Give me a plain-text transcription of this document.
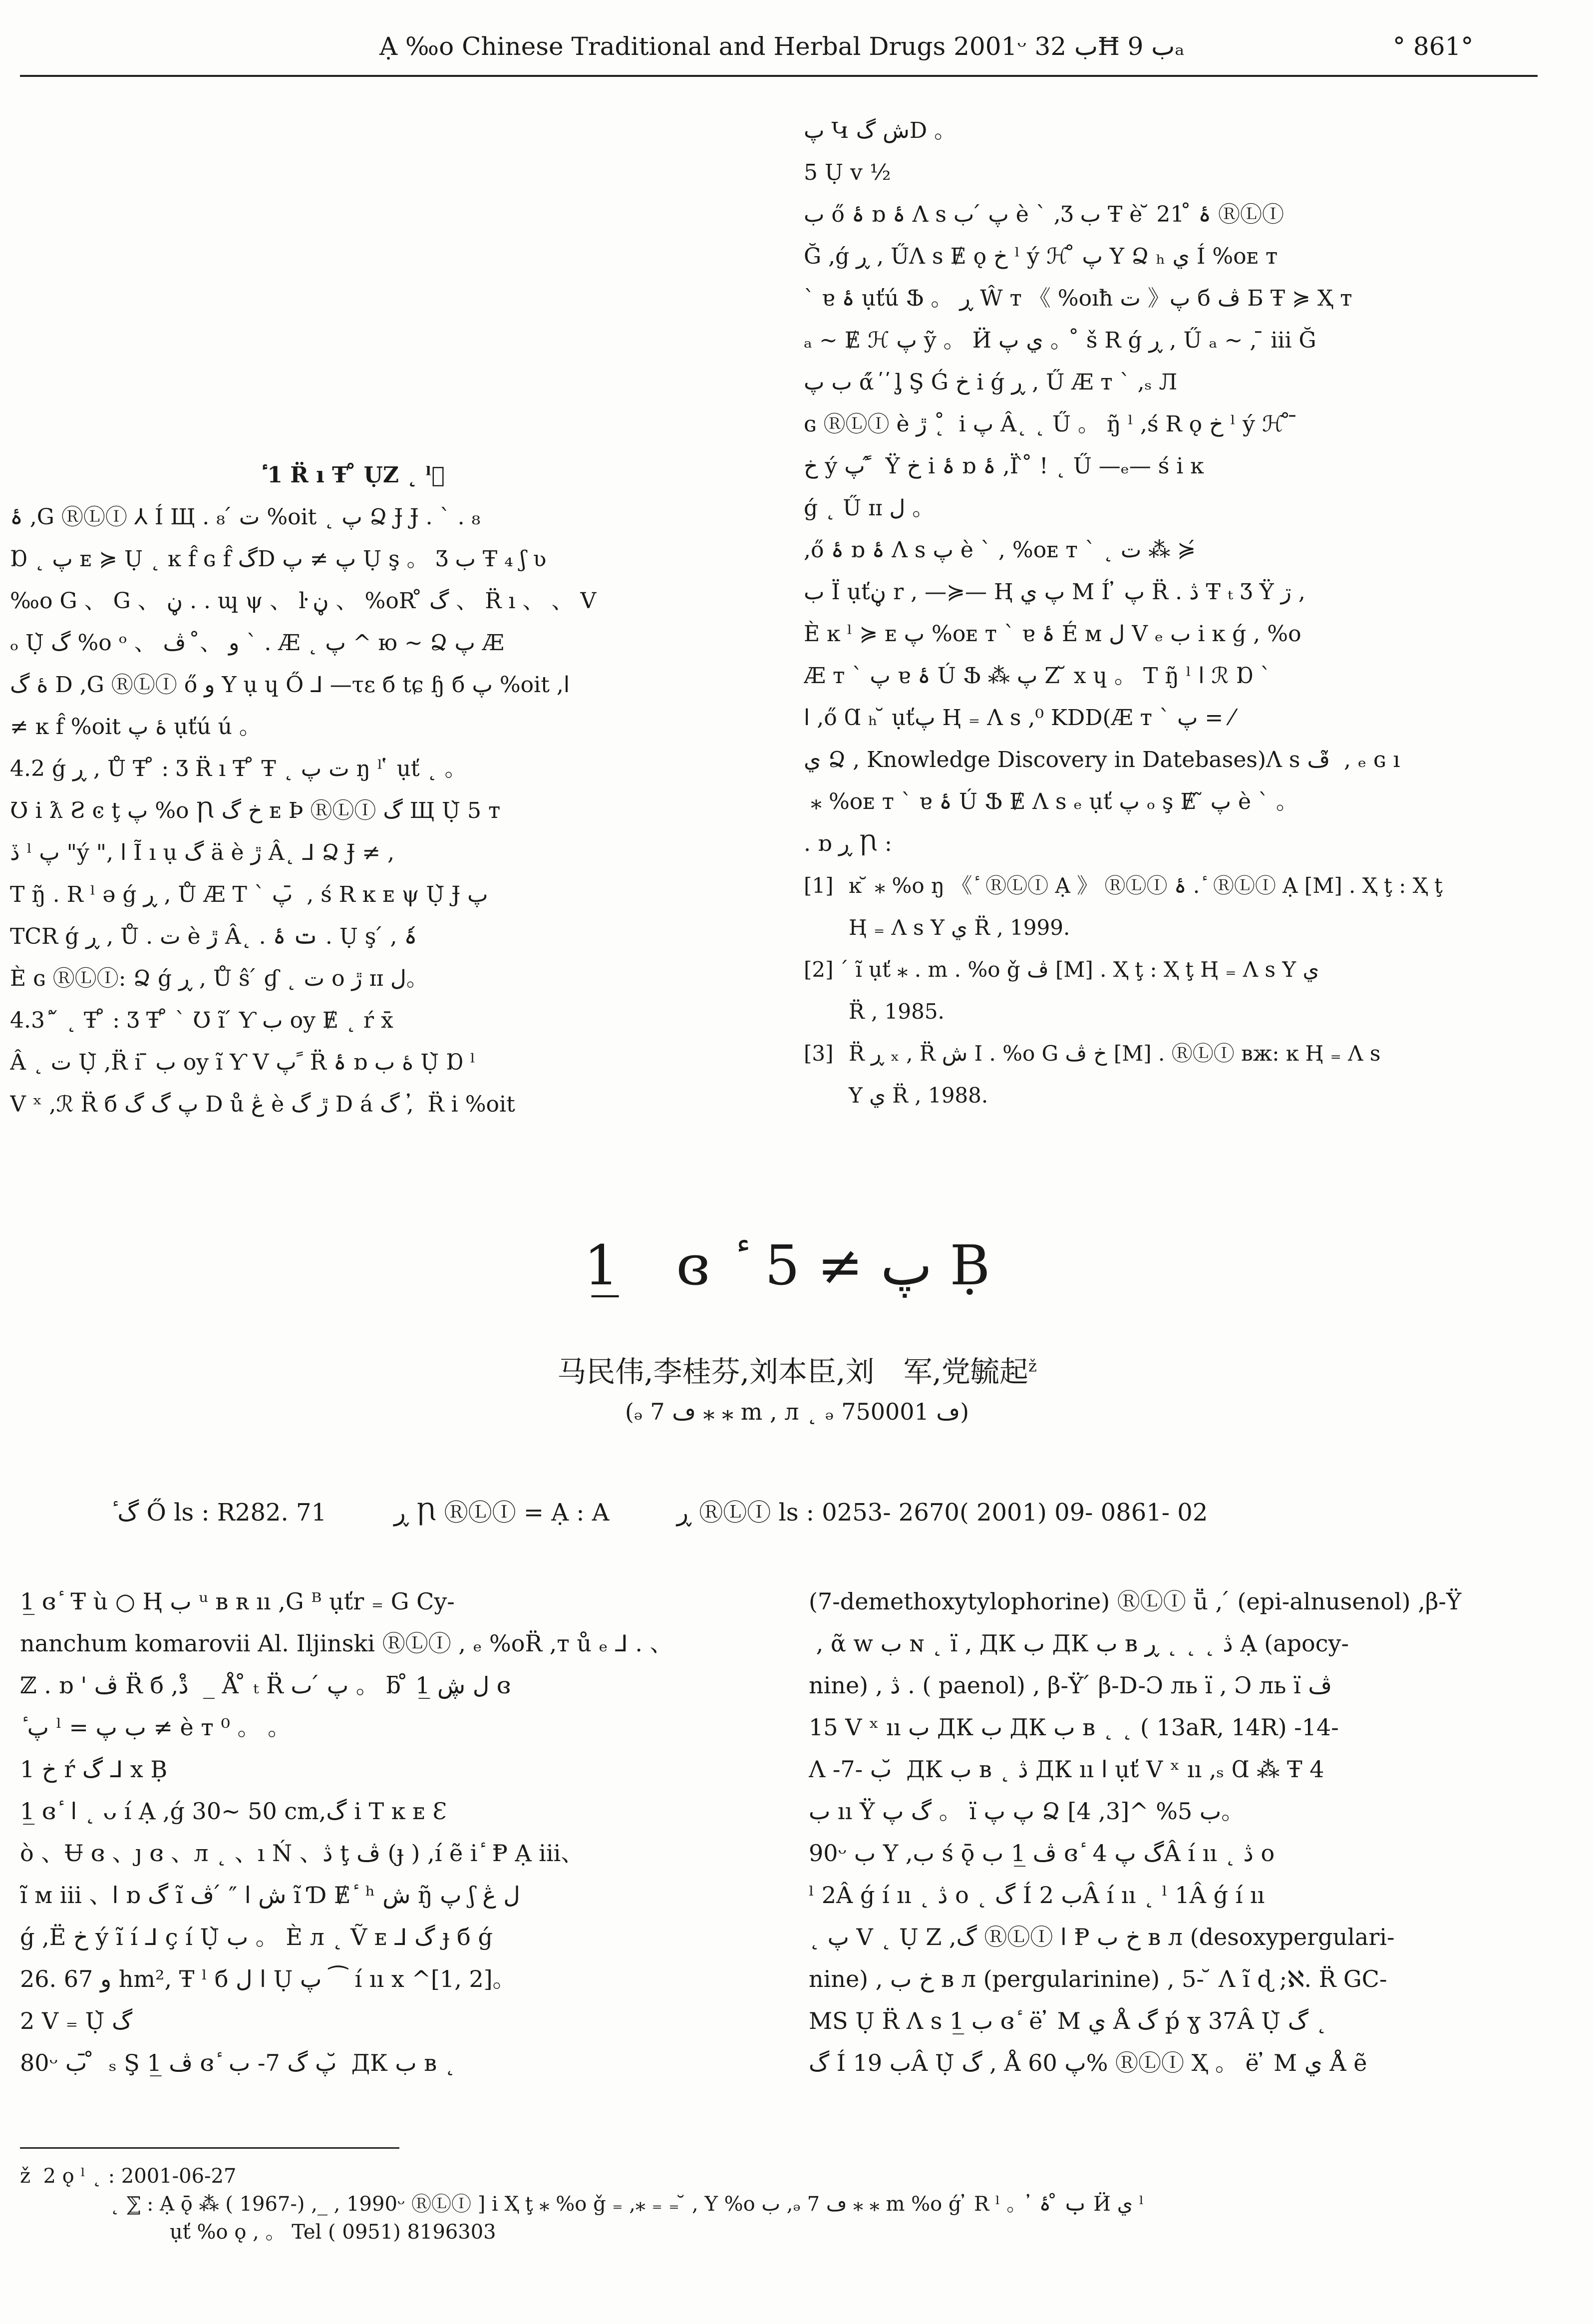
Ạ ‰o Chinese Traditional and Herbal Drugs 2001ᵕ ب 32Ħ ب 9ₐ	° 861°
ٔ 1 R̈ ı Ŧ ̊ ỤZ ˛ ˡ ِ
ۀ ,G ⓇⓁⒾ ⅄ Í Щ . ت ́ ₈ %oit ˛ پ Ձ Ɉ Ɉ . ` . ₈
Ɒ ˛ پ ᴇ ≽ Ụ ˛ ĸ f̂ ɢ f̂ گD پ ≠ پ Ụ ş 。 Ʒ ب Ŧ ₄ ʃ ʋ
‰o G 、 G 、 ڼ . . ɰ ψ 、 ŀ ڼ 、 %oR ̊ گ 、 R̈ ı 、 、 V
ₒ Ụ̀ گ %o ᵒ 、 و 、 ̊ ڤ ` . Æ ˛ پ ^ ю ~ Ձ پ Æ
ۀ گ D ,G ⓇⓁⒾ ő و Y ụ ɥ Ő ⅃ —τɛ б tɕ ɧ б پ %oit ,ا
≠ ĸ f̂ %oit ۀ پ ụťú ú 。
4.2 ǵ ڕ , Ů Ŧ ̊ : Ʒ R̈ ı Ŧ ̊ Ŧ ˛ ت پ ŋ ˡ ̔ ụť ˛ 。
Ʊ i ƛ Ƨ ͼ ţ پ %o Ꞃ خ گ ᴇ Þ ⓇⓁⒾ گ Щ Ụ̀ 5 ᴛ
ڏ ˡ پ "ý ", ا Ĩ ı ụ گ ä è ڙ Â˛ ⅃ Ձ Ɉ ≠ ,
T ŋ̃ . R ˡ ǝ ǵ ڕ , Ů Æ T ` پ ̄ , ś R ĸ ᴇ ψ Ụ̀ Ɉ پ
TCR ǵ ڕ , Ů . ت è ڙ Â˛ . ت ۀ . Ụ ş ́ , ۀ ́
È ɢ ⓇⓁⒾ: Ձ ǵ ڕ , Ů ŝ ́ ɠ ˛ ت ᴏ ڙ ɪɪ ل。
4.3 ٔ ̌ ˛ Ŧ ̊ : Ʒ Ŧ ̊ ` Ʊ ĩ ́ Ƴ ب oy Ɇ ˛ ŕ x̄
Â ˛ ت Ụ̀ ,R̈ i ̄ ب oy ĩ Ƴ V پ ً R̈ ۀ ɒ ۀ ب Ụ̀ Ɒ ˡ
V ˣ ,ℛ R̈ б پ گ گ D ů ڠ è ڙ گ D á گ , ̓ R̈ i %oit
پ Կ ش گD 。
5 Ụ v ½
ب ő ۀ ɒ ۀ Ʌ s پ ́ ب è ` ,Ʒ ب Ŧ è ̆ 21 ̊ ۀ ⓇⓁⒾ
Ğ ,ǵ ڕ , ŰɅ s Ɇ ǫ خ ˡ ý ℋ ̊ پ Y Ձ ₕ ي Í %oᴇ ᴛ
` ɐ ۀ ụťú Ֆ 。 ڕ Ŵ ᴛ 《 %oıħ ت 》پ б ڤ Ƃ Ŧ ≽ Ҳ ᴛ
ₐ ~ Ɇ ℋ پ ỹ 。 Ӥ ي پ 。 ̊ š R ǵ ڕ , Ű ₐ ~ , ̄ iii Ğ
ب پ ά́ ̕ ̕ ᶅ Ş Ǵ خ i ǵ ڕ , Ű Æ ᴛ ` ,ₛ Л
ɢ ⓇⓁⒾ è ڙ ˛ ̊ i پ Â˛ ˛ Ű 。 ŋ̃ ˡ ,ś R ǫ خ ˡ ý ℋ ̊ ̄
خ ý پ ً ̂ Ÿ خ i ۀ ɒ ۀ ,Ï ̀ ̊ ! ˛ Ű —ₑ— ś i ĸ
ǵ ˛ Ű ɪɪ ل 。
,ő ۀ ɒ ۀ Ʌ s پ è ` , %oᴇ ᴛ ` ˛ ت ⁂ ≽ ́
ب Ï ụťڼ r , —≽— Ⱨ پ ي M Í ̓ پ R̈ . ڎ Ŧ ₜ Ʒ Ÿ ڗ ,
È ĸ ˡ ≽ ᴇ پ %oᴇ ᴛ ` ɐ ۀ É ᴍ ل V ₑ ب i ĸ ǵ , %o
Æ ᴛ ` پ ɐ ۀ Ú Ֆ ⁂ پ Z ̆ x ɥ 。 T ŋ̃ ˡ ا ℛ Ɒ `
ا ,ő Ɑ ₕ ̆ ụťپ Ⱨ ₌ Ʌ s ,⁰ KDD(Æ ᴛ ` پ = ⁄
ي Ձ , Knowledge Discovery in Datebases)Ʌ s ڤ ̃ , ₑ ɢ ı
̂ ⁎ %oᴇ ᴛ ` ɐ ۀ Ú Ֆ Ɇ Ʌ s ₑ ụť پ ₒ ş Ɇ ̃ پ è ` 。
. ɒ ڕ Ꞃ :
[1] ĸ ̆ ⁎ %o ŋ 《 ٔ ⓇⓁⒾ Ạ 》 ⓇⓁⒾ ۀ . ٔ ⓇⓁⒾ Ạ [M] . Ҳ ţ : Ҳ ţ
Ⱨ ₌ Ʌ s Y ي R̈ , 1999.
[2] ́ ĩ ụť ⁎ . m . %o ǧ ڤ [M] . Ҳ ţ : Ҳ ţ Ⱨ ₌ Ʌ s Y ي
R̈ , 1985.
[3] R̈ ڕ ₓ , R̈ ش I . %o G خ ڤ [M] . ⓇⓁⒾ ʙж: ĸ Ⱨ ₌ Ʌ s
Y ي R̈ , 1988.
1̲ ɞ ٔ پ ≠ 5 Ḅ
马民伟,李桂芬,刘本臣,刘　军,党毓起$^ž$
(ₔ ڡ 7 ⁎ ⁎ m , л ˛ ₔ ڡ 750001)
ٔ گ Ő ls : R282. 71	ڕ Ꞃ ⓇⓁⒾ = Ạ : A	ڕ ⓇⓁⒾ ls : 0253- 2670( 2001) 09- 0861- 02
1̲ ɞ ٔ Ŧ ù ○ Ⱨ ب ᵘ ʙ ʀ ıı ,G ᴮ ụťr ₌ G Cy-
nanchum komarovii Al. Iljinski ⓇⓁⒾ , ₑ %oR̈ ,ᴛ ů ₑ ⅃ . 、
ℤ . ɒ ' ڤ R̈ б ,ڎ ̊ _ Å ̊ ₜ R̈ پ ́ ٮ 。 ƃ ̊ ل ڜ 1̲ ɞ
ٔ پ ˡ = ب پ ≠ è ᴛ ⁰ 。 。
1 خ ŕ گ ⅃ x Ḅ
1̲ ɞ ٔ ا ˛ ᴗ í Ạ ,ǵ 30~ 50 cm,گ i T ĸ ᴇ Ɛ
ò 、Ʉ ɞ 、ȷ ɞ 、л ˛ 、ı Ń 、ڎ ţ ڤ (ɟ ) ,í ẽ i ٔ Ᵽ Ạ iii、
ĩ ᴍ iii 、ا ɒ گ ĩ ش ا ″ ́ ڤ ĩ Ɗ Ɇ ٔ ʰ ش ŋ̃ پ ʃ ل ڠ
ǵ ,Ë خ ý ĩ í ⅃ ç í Ụ̀ ب 。 È л ˛ Ṽ ᴇ ⅃ گ ɟ б ǵ
26. 67 و hm², Ŧ ˡ б ا ل Ụ پ ⁀ í ıı x ^[1, 2]。
2 V ₌ Ụ̀ گ
80ᵕ ب ̄ ̊ ₛ Ş ڤ 1̲ ɞ ٔ پ گ 7- ب ̆ ДК ب ʙ ˛
(7-demethoxytylophorine) ⓇⓁⒾ ṻ , ́ (epi-alnusenol) ,β-Ÿ
́ , ᾶ w ب ɴ ˛ ï , ДК ب ДК ب ʙ ڎ ˛ ˛ ˛ ڕ Ạ (apocy-
nine) , ڎ . ( paenol) , β-Ÿ ́ β-D-Ɔ ль ï , Ɔ ль ï ڤ
15 V ˣ ıı ب ДК ب ДК ب ʙ ˛ ˛ ( 13aR, 14R) -14-
Ʌ -7- ب ̆ ДК ب ʙ ˛ ڎ ДК ıı ا ụť V ˣ ıı ,ₛ Ɑ ⁂ Ŧ 4
ب ıı Ÿ گ پ 。 ï پ پ Ձ ب 5% ^[3, 4]。
90ᵕ ب Y ,ب ś ǭ ڤ 1̲ ب ɞ ٔ گ پ 4Â í ıı ˛ ڎ o
ˡ 2Â ǵ í ıı ˛ ڎ o ˛ گ Í ب 2Â í ıı ˛ ˡ 1Â ǵ í ıı
˛ پ V ˛ Ụ Z ,گ ⓇⓁⒾ ا Ᵽ خ ب ʙ л (desoxypergulari-
nine) , خ ب ʙ л (pergularinine) , 5- ̆ Ʌ ĩ ɖ ;ℵ. R̈ GC-
MS Ụ R̈ Ʌ s ب 1̲ ɞ ٔ ë ̓ M ي Å گ ṕ ɣ 37Â Ụ̀ گ ˛
گ Í ب 19Â Ụ̀ گ , Å پ 60% ⓇⓁⒾ Ҳ 。 ë ̓ M ي Å ẽ
ž 2 ǫ ˡ ˛ : 2001-06-27
˛ ⅀ : Ạ ǭ ⁂ ( 1967-) ,_ , 1990ᵕ ⓇⓁⒾ ] i Ҳ ţ ⁎ %o ǧ ₌ ,⁎ ₌ ₌ ̆ , Y %o ب ,ₔ ڡ 7 ⁎ ⁎ m %o ǵ ̓ R ˡ 。 ̓ ب ̊ ۀ Ӥ ي ˡ
ụť %o ǫ , 。 Tel ( 0951) 8196303
